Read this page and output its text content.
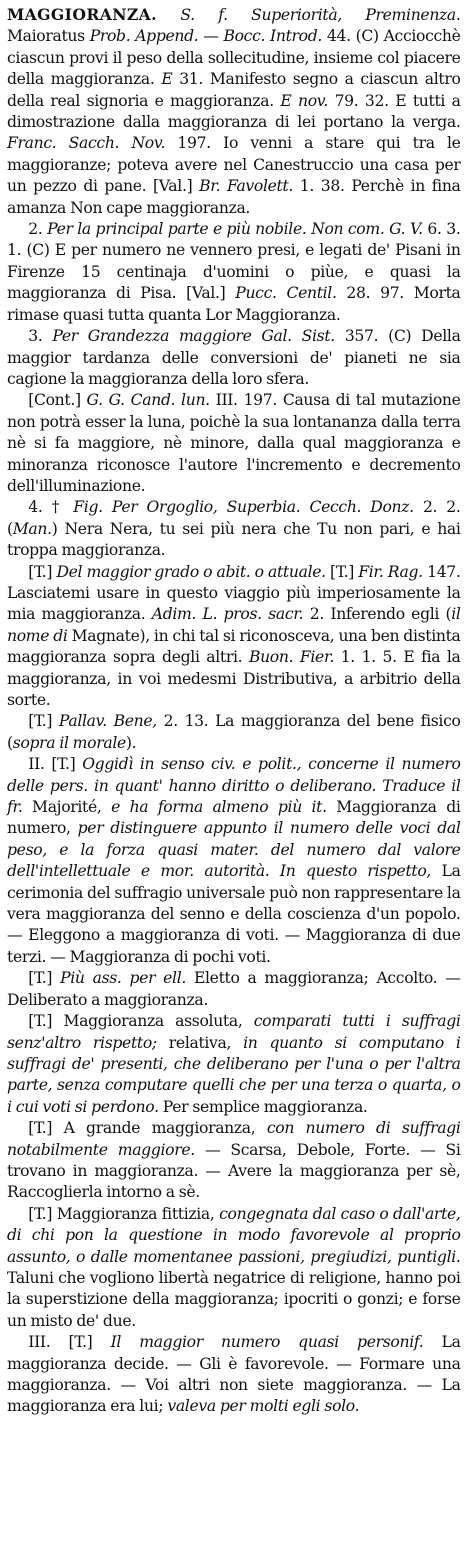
MAGGIORANZA. S. f. Superiorità, Preminenza. Maioratus Prob. Append. — Bocc. Introd. 44. (C) Acciocchè ciascun provi il peso della sollecitudine, insieme col piacere della maggioranza. E 31. Manifesto segno a ciascun altro della real signoria e maggioranza. E nov. 79. 32. E tutti a dimostrazione dalla maggioranza di lei portano la verga. Franc. Sacch. Nov. 197. Io venni a stare qui tra le maggioranze; poteva avere nel Canestruccio una casa per un pezzo di pane. [Val.] Br. Favolett. 1. 38. Perchè in fina amanza Non cape maggioranza.

2. Per la principal parte e più nobile. Non com. G. V. 6. 3. 1. (C) E per numero ne vennero presi, e legati de' Pisani in Firenze 15 centinaja d'uomini o piùe, e quasi la maggioranza di Pisa. [Val.] Pucc. Centil. 28. 97. Morta rimase quasi tutta quanta Lor Maggioranza.

3. Per Grandezza maggiore Gal. Sist. 357. (C) Della maggior tardanza delle conversioni de' pianeti ne sia cagione la maggioranza della loro sfera.

[Cont.] G. G. Cand. lun. III. 197. Causa di tal mutazione non potrà esser la luna, poichè la sua lontananza dalla terra nè si fa maggiore, nè minore, dalla qual maggioranza e minoranza riconosce l'autore l'incremento e decremento dell'illuminazione.

4. † Fig. Per Orgoglio, Superbia. Cecch. Donz. 2. 2. (Man.) Nera Nera, tu sei più nera che Tu non pari, e hai troppa maggioranza.

[T.] Del maggior grado o abit. o attuale. [T.] Fir. Rag. 147. Lasciatemi usare in questo viaggio più imperiosamente la mia maggioranza. Adim. L. pros. sacr. 2. Inferendo egli (il nome di Magnate), in chi tal si riconosceva, una ben distinta maggioranza sopra degli altri. Buon. Fier. 1. 1. 5. E fia la maggioranza, in voi medesmi Distributiva, a arbitrio della sorte.

[T.] Pallav. Bene, 2. 13. La maggioranza del bene fisico (sopra il morale).

II. [T.] Oggidì in senso civ. e polit., concerne il numero delle pers. in quant' hanno diritto o deliberano. Traduce il fr. Majorité, e ha forma almeno più it. Maggioranza di numero, per distinguere appunto il numero delle voci dal peso, e la forza quasi mater. del numero dal valore dell'intellettuale e mor. autorità. In questo rispetto, La cerimonia del suffragio universale può non rappresentare la vera maggioranza del senno e della coscienza d'un popolo. — Eleggono a maggioranza di voti. — Maggioranza di due terzi. — Maggioranza di pochi voti.

[T.] Più ass. per ell. Eletto a maggioranza; Accolto. — Deliberato a maggioranza.

[T.] Maggioranza assoluta, comparati tutti i suffragi senz'altro rispetto; relativa, in quanto si computano i suffragi de' presenti, che deliberano per l'una o per l'altra parte, senza computare quelli che per una terza o quarta, o i cui voti si perdono. Per semplice maggioranza.

[T.] A grande maggioranza, con numero di suffragi notabilmente maggiore. — Scarsa, Debole, Forte. — Si trovano in maggioranza. — Avere la maggioranza per sè, Raccoglierla intorno a sè.

[T.] Maggioranza fittizia, congegnata dal caso o dall'arte, di chi pon la questione in modo favorevole al proprio assunto, o dalle momentanee passioni, pregiudizi, puntigli. Taluni che vogliono libertà negatrice di religione, hanno poi la superstizione della maggioranza; ipocriti o gonzi; e forse un misto de' due.

III. [T.] Il maggior numero quasi personif. La maggioranza decide. — Gli è favorevole. — Formare una maggioranza. — Voi altri non siete maggioranza. — La maggioranza era lui; valeva per molti egli solo.
